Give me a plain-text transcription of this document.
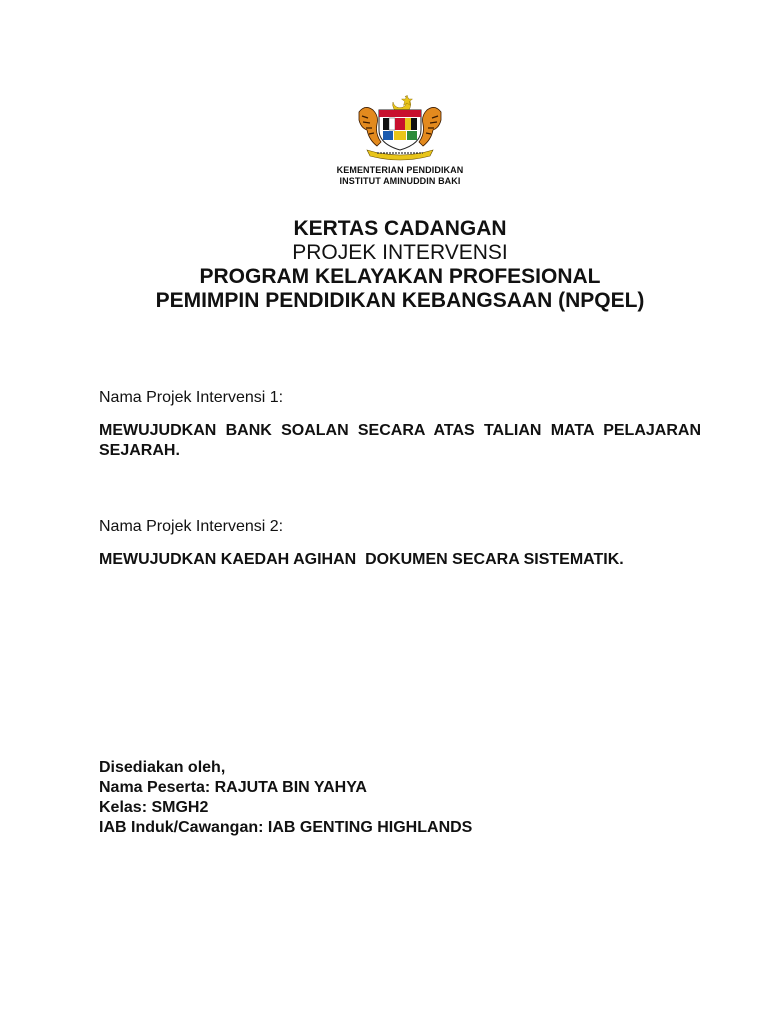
KEMENTERIAN PENDIDIKAN
INSTITUT AMINUDDIN BAKI
KERTAS CADANGAN
PROJEK INTERVENSI
PROGRAM KELAYAKAN PROFESIONAL
PEMIMPIN PENDIDIKAN KEBANGSAAN (NPQEL)
Nama Projek Intervensi 1:
MEWUJUDKAN BANK SOALAN SECARA ATAS TALIAN MATA PELAJARAN SEJARAH.
Nama Projek Intervensi 2:
MEWUJUDKAN KAEDAH AGIHAN  DOKUMEN SECARA SISTEMATIK.
Disediakan oleh,
Nama Peserta: RAJUTA BIN YAHYA
Kelas: SMGH2
IAB Induk/Cawangan: IAB GENTING HIGHLANDS
